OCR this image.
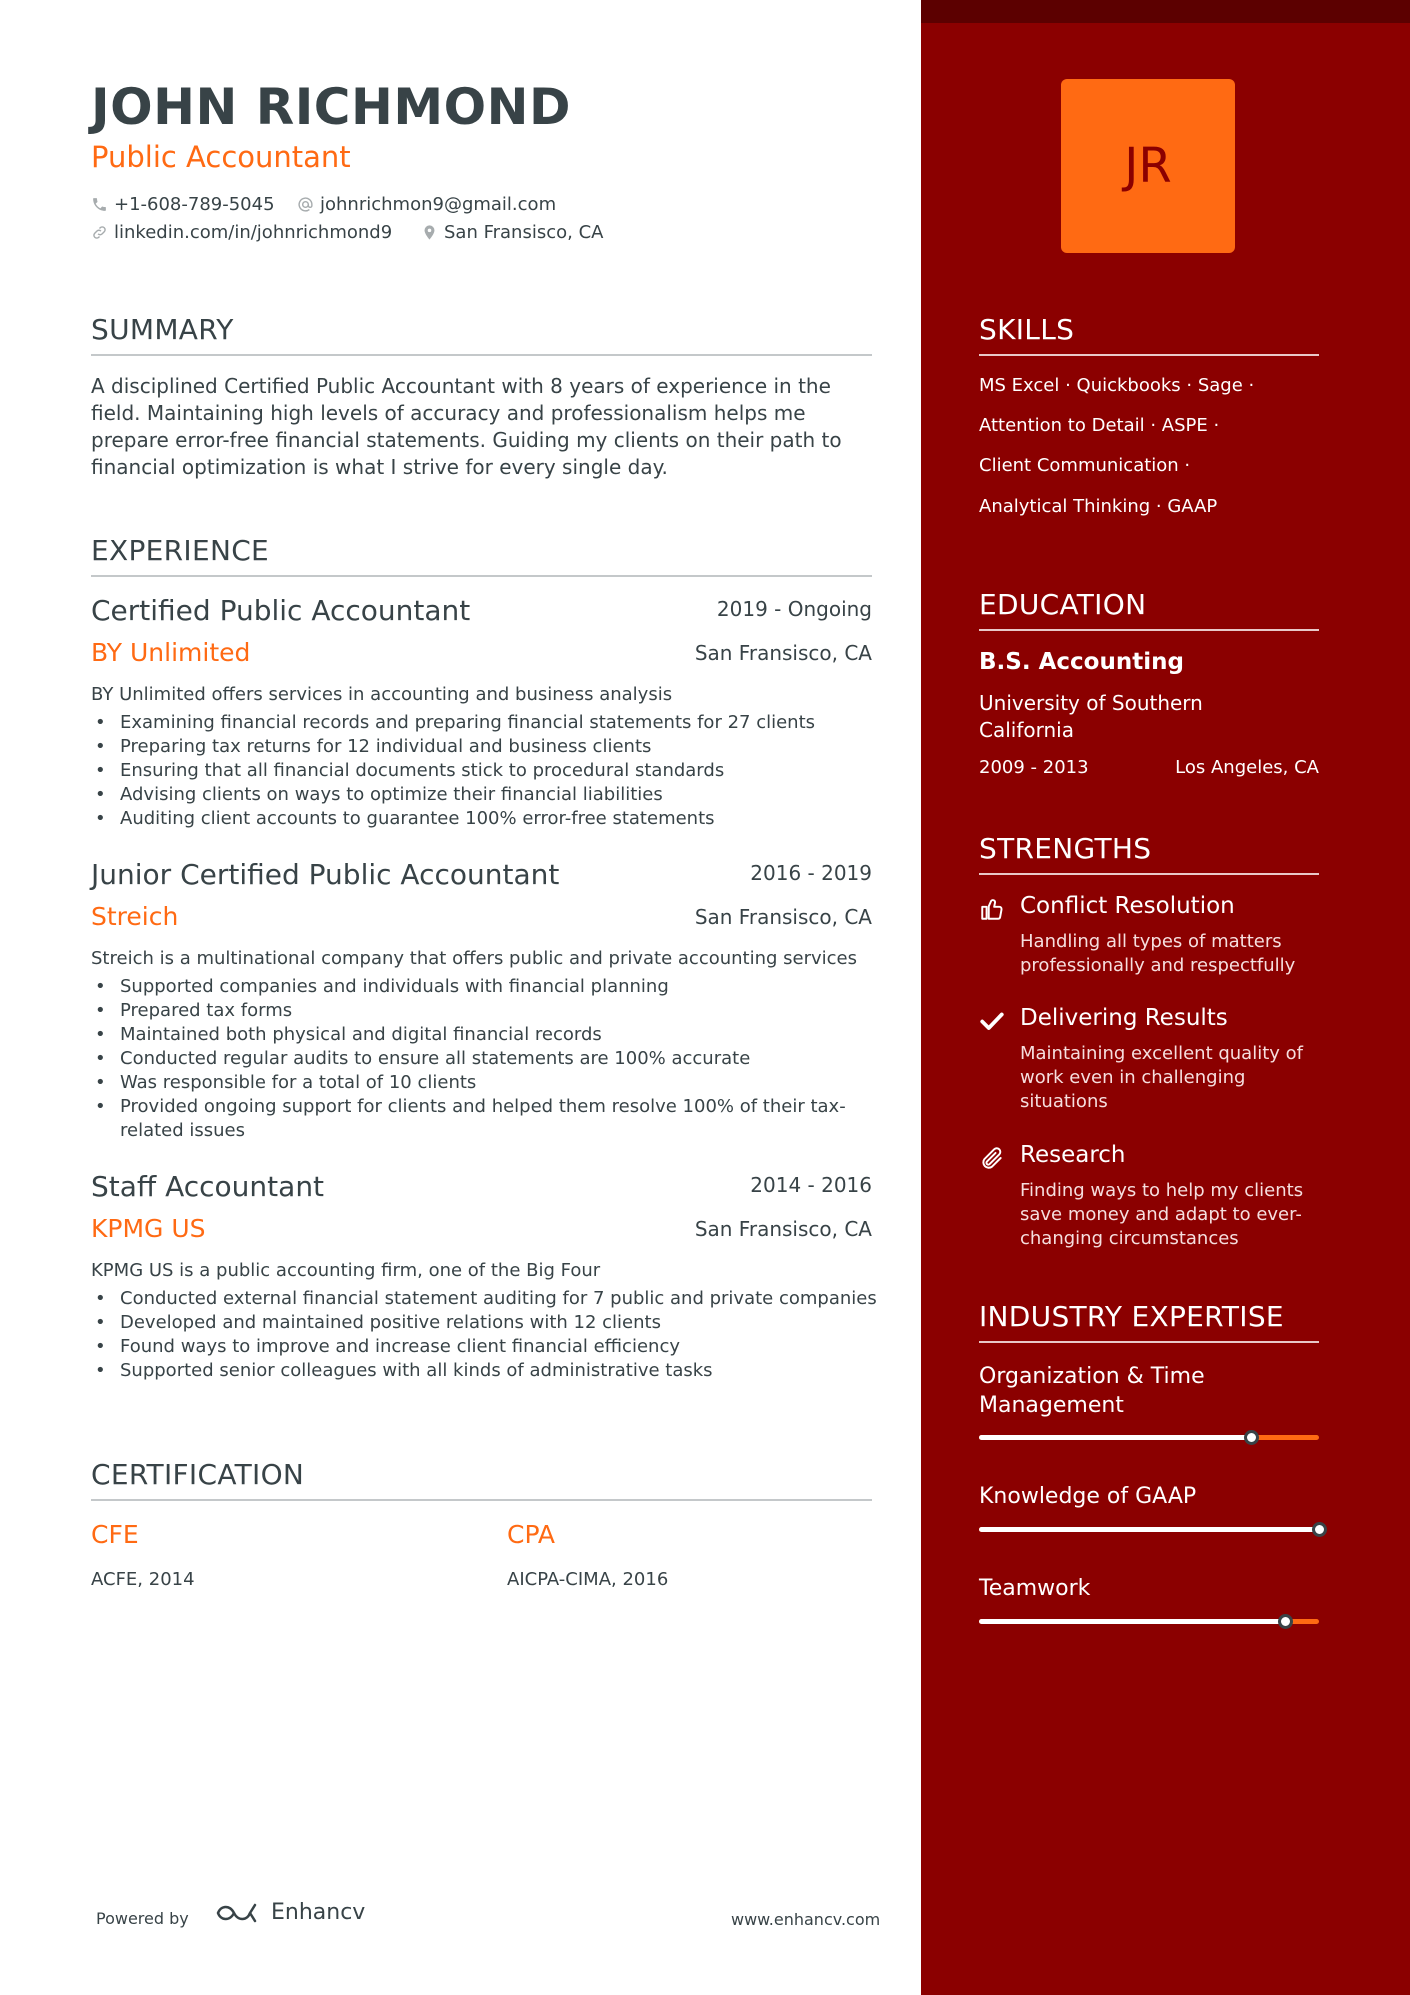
JOHN RICHMOND
Public Accountant
+1-608-789-5045	johnrichmon9@gmail.com
linkedin.com/in/johnrichmond9	San Fransisco, CA
SUMMARY
A disciplined Certified Public Accountant with 8 years of experience in the field. Maintaining high levels of accuracy and professionalism helps me prepare error-free financial statements. Guiding my clients on their path to financial optimization is what I strive for every single day.
EXPERIENCE
Certified Public Accountant	2019 - Ongoing
BY Unlimited	San Fransisco, CA
BY Unlimited offers services in accounting and business analysis
• Examining financial records and preparing financial statements for 27 clients
• Preparing tax returns for 12 individual and business clients
• Ensuring that all financial documents stick to procedural standards
• Advising clients on ways to optimize their financial liabilities
• Auditing client accounts to guarantee 100% error-free statements
Junior Certified Public Accountant	2016 - 2019
Streich	San Fransisco, CA
Streich is a multinational company that offers public and private accounting services
• Supported companies and individuals with financial planning
• Prepared tax forms
• Maintained both physical and digital financial records
• Conducted regular audits to ensure all statements are 100% accurate
• Was responsible for a total of 10 clients
• Provided ongoing support for clients and helped them resolve 100% of their tax-related issues
Staff Accountant	2014 - 2016
KPMG US	San Fransisco, CA
KPMG US is a public accounting firm, one of the Big Four
• Conducted external financial statement auditing for 7 public and private companies
• Developed and maintained positive relations with 12 clients
• Found ways to improve and increase client financial efficiency
• Supported senior colleagues with all kinds of administrative tasks
CERTIFICATION
CFE
ACFE, 2014
CPA
AICPA-CIMA, 2016
Powered by	Enhancv	www.enhancv.com
JR
SKILLS
MS Excel · Quickbooks · Sage ·
Attention to Detail · ASPE ·
Client Communication ·
Analytical Thinking · GAAP
EDUCATION
B.S. Accounting
University of Southern California
2009 - 2013	Los Angeles, CA
STRENGTHS
Conflict Resolution
Handling all types of matters professionally and respectfully
Delivering Results
Maintaining excellent quality of work even in challenging situations
Research
Finding ways to help my clients save money and adapt to ever-changing circumstances
INDUSTRY EXPERTISE
Organization & Time Management
Knowledge of GAAP
Teamwork
